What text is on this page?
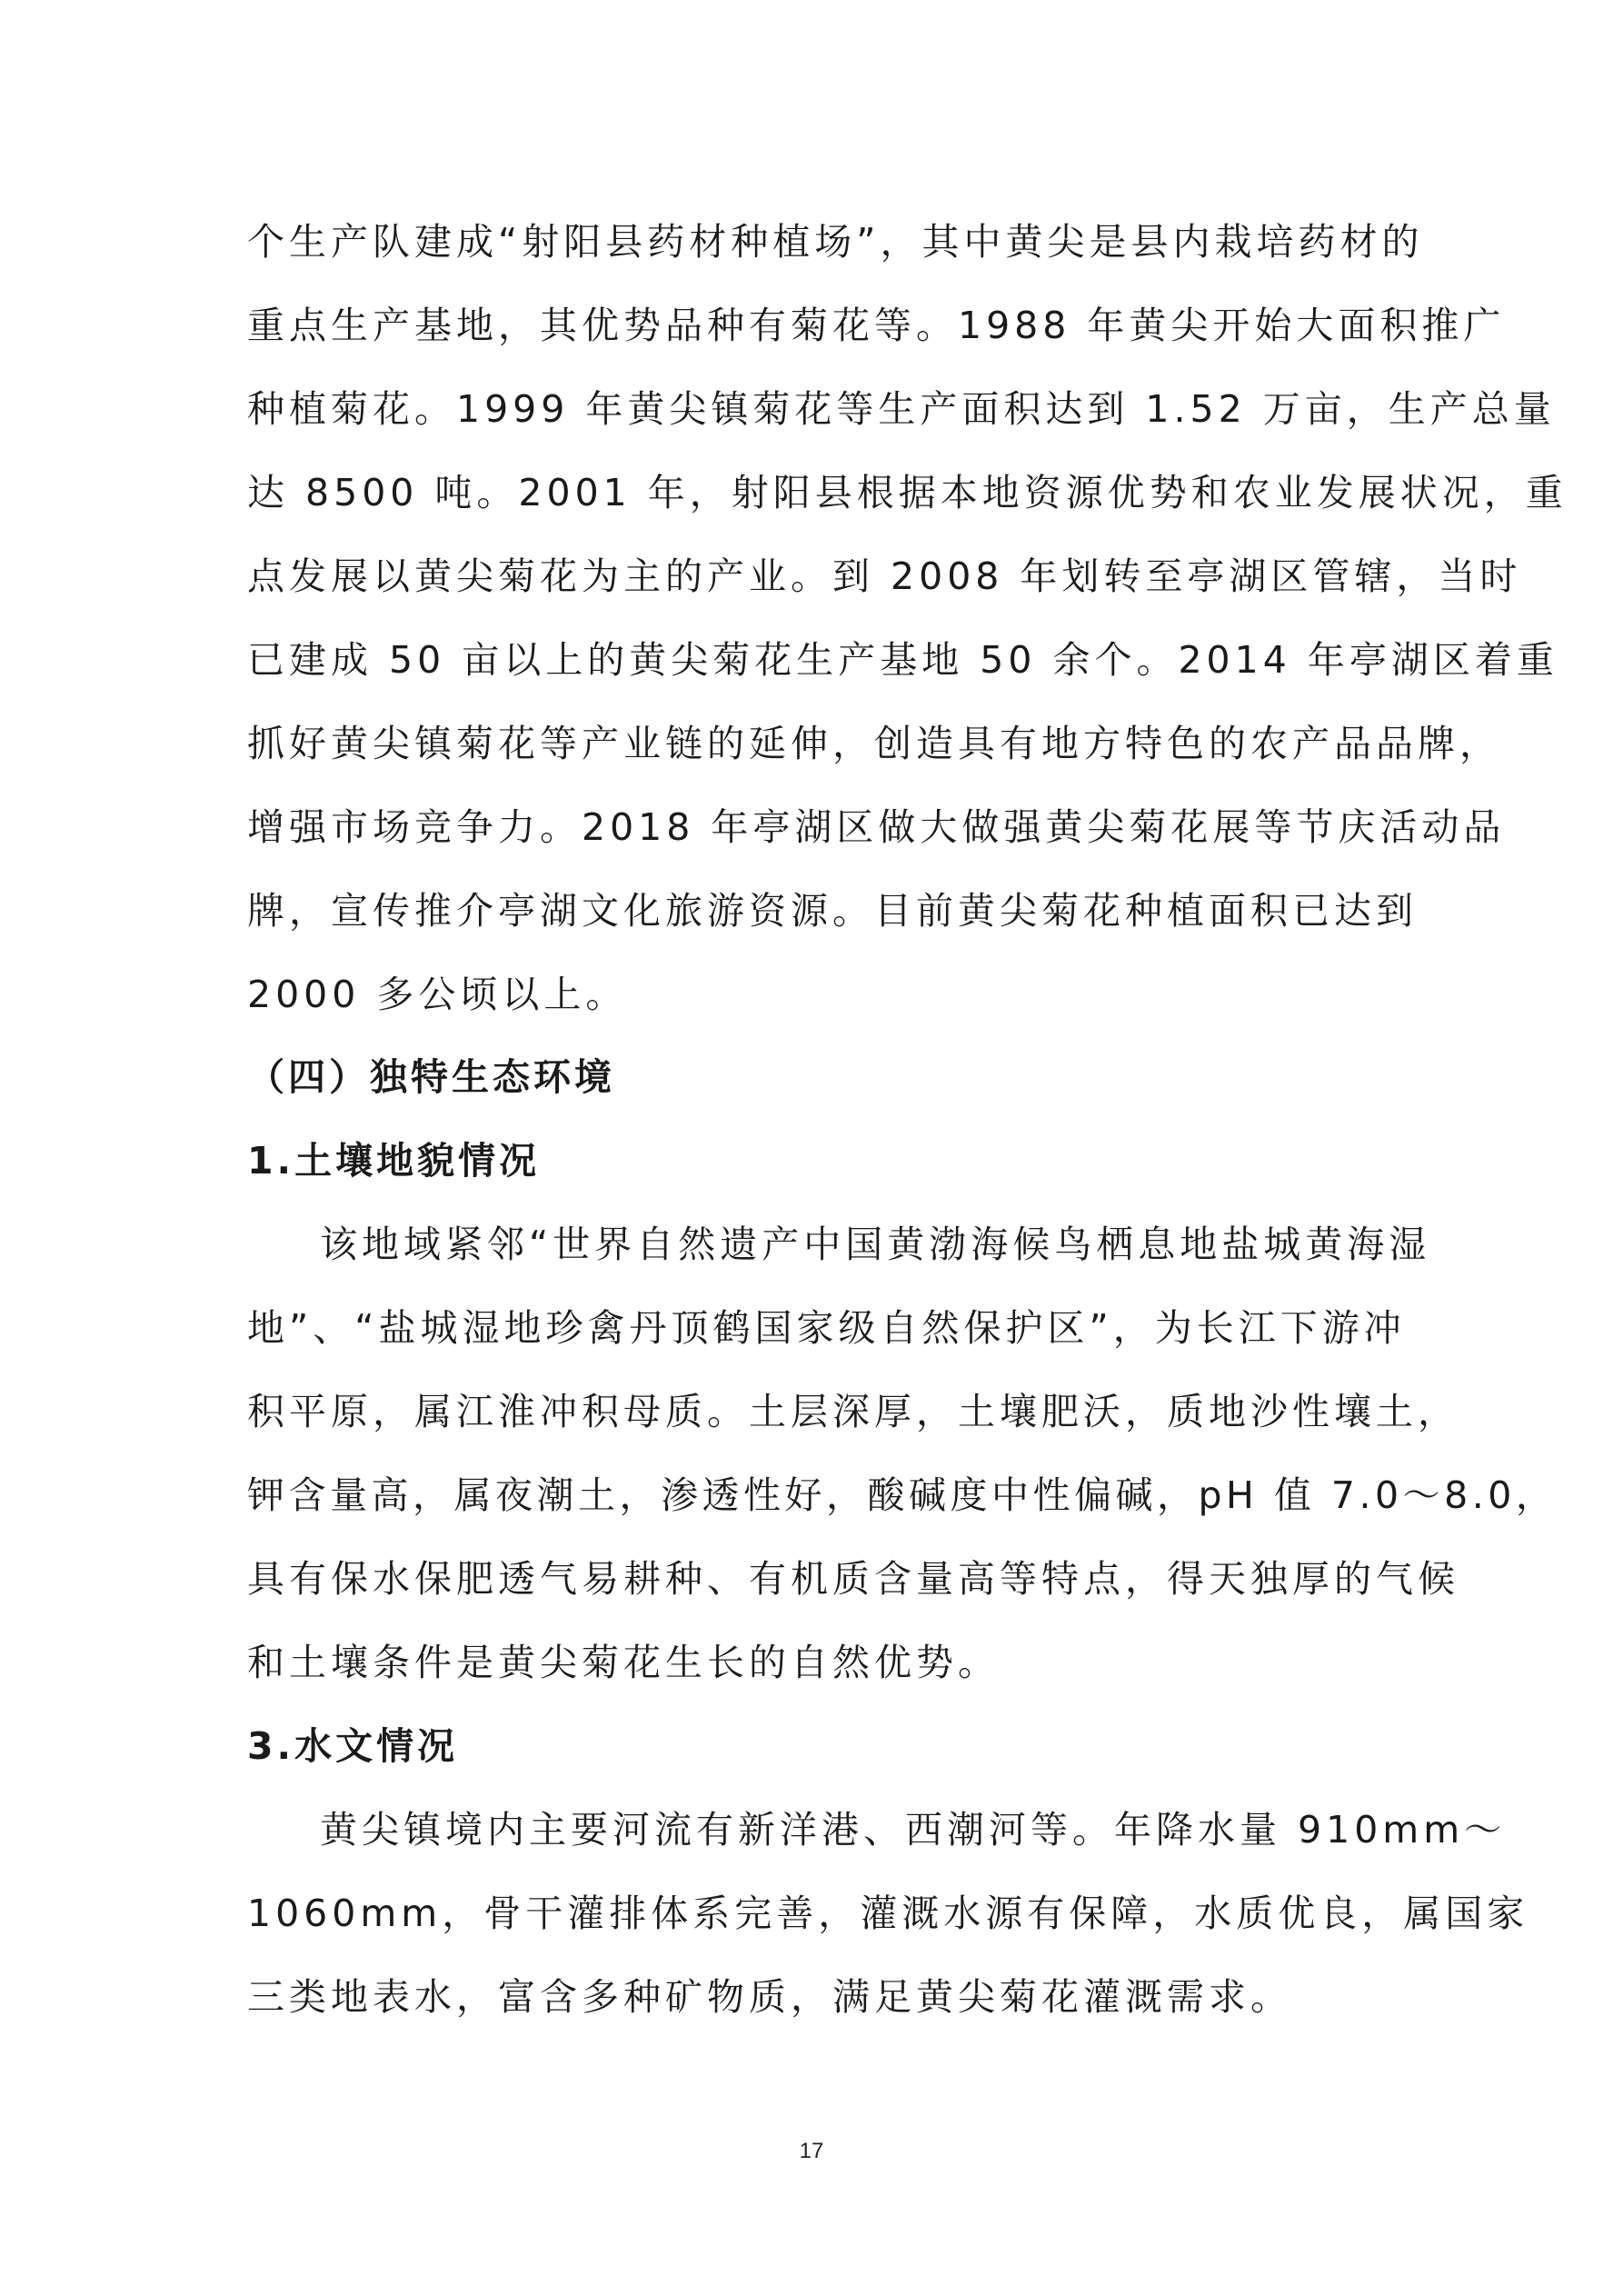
个生产队建成“射阳县药材种植场”，其中黄尖是县内栽培药材的
重点生产基地，其优势品种有菊花等。1988 年黄尖开始大面积推广
种植菊花。1999 年黄尖镇菊花等生产面积达到 1.52 万亩，生产总量
达 8500 吨。2001 年，射阳县根据本地资源优势和农业发展状况，重
点发展以黄尖菊花为主的产业。到 2008 年划转至亭湖区管辖，当时
已建成 50 亩以上的黄尖菊花生产基地 50 余个。2014 年亭湖区着重
抓好黄尖镇菊花等产业链的延伸，创造具有地方特色的农产品品牌，
增强市场竞争力。2018 年亭湖区做大做强黄尖菊花展等节庆活动品
牌，宣传推介亭湖文化旅游资源。目前黄尖菊花种植面积已达到
2000 多公顷以上。
（四）独特生态环境
1.土壤地貌情况
该地域紧邻“世界自然遗产中国黄渤海候鸟栖息地盐城黄海湿
地”、“盐城湿地珍禽丹顶鹤国家级自然保护区”，为长江下游冲
积平原，属江淮冲积母质。土层深厚，土壤肥沃，质地沙性壤土，
钾含量高，属夜潮土，渗透性好，酸碱度中性偏碱，pH 值 7.0～8.0，
具有保水保肥透气易耕种、有机质含量高等特点，得天独厚的气候
和土壤条件是黄尖菊花生长的自然优势。
3.水文情况
黄尖镇境内主要河流有新洋港、西潮河等。年降水量 910mm～
1060mm，骨干灌排体系完善，灌溉水源有保障，水质优良，属国家
三类地表水，富含多种矿物质，满足黄尖菊花灌溉需求。
17
